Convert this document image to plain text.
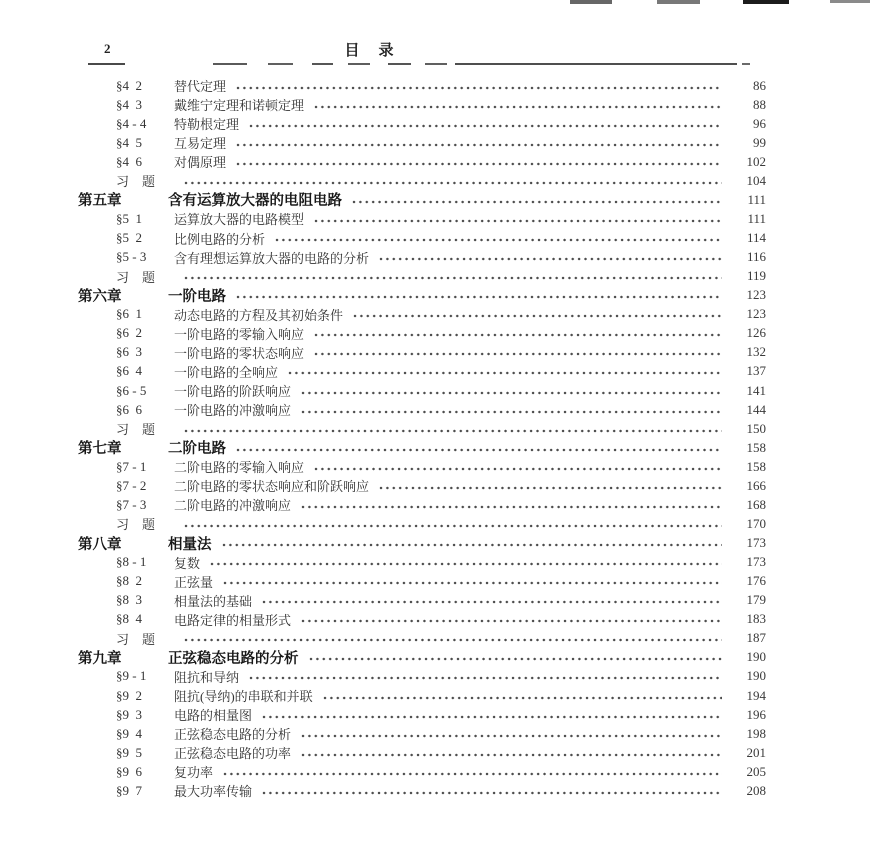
2	目　录
§4  2	替代定理	86
§4  3	戴维宁定理和诺顿定理	88
§4 - 4	特勒根定理	96
§4  5	互易定理	99
§4  6	对偶原理	102
习　题	104
第五章	含有运算放大器的电阻电路	111
§5  1	运算放大器的电路模型	111
§5  2	比例电路的分析	114
§5 - 3	含有理想运算放大器的电路的分析	116
习　题	119
第六章	一阶电路	123
§6  1	动态电路的方程及其初始条件	123
§6  2	一阶电路的零输入响应	126
§6  3	一阶电路的零状态响应	132
§6  4	一阶电路的全响应	137
§6 - 5	一阶电路的阶跃响应	141
§6  6	一阶电路的冲激响应	144
习　题	150
第七章	二阶电路	158
§7 - 1	二阶电路的零输入响应	158
§7 - 2	二阶电路的零状态响应和阶跃响应	166
§7 - 3	二阶电路的冲激响应	168
习　题	170
第八章	相量法	173
§8 - 1	复数	173
§8  2	正弦量	176
§8  3	相量法的基础	179
§8  4	电路定律的相量形式	183
习　题	187
第九章	正弦稳态电路的分析	190
§9 - 1	阻抗和导纳	190
§9  2	阻抗(导纳)的串联和并联	194
§9  3	电路的相量图	196
§9  4	正弦稳态电路的分析	198
§9  5	正弦稳态电路的功率	201
§9  6	复功率	205
§9  7	最大功率传输	208
